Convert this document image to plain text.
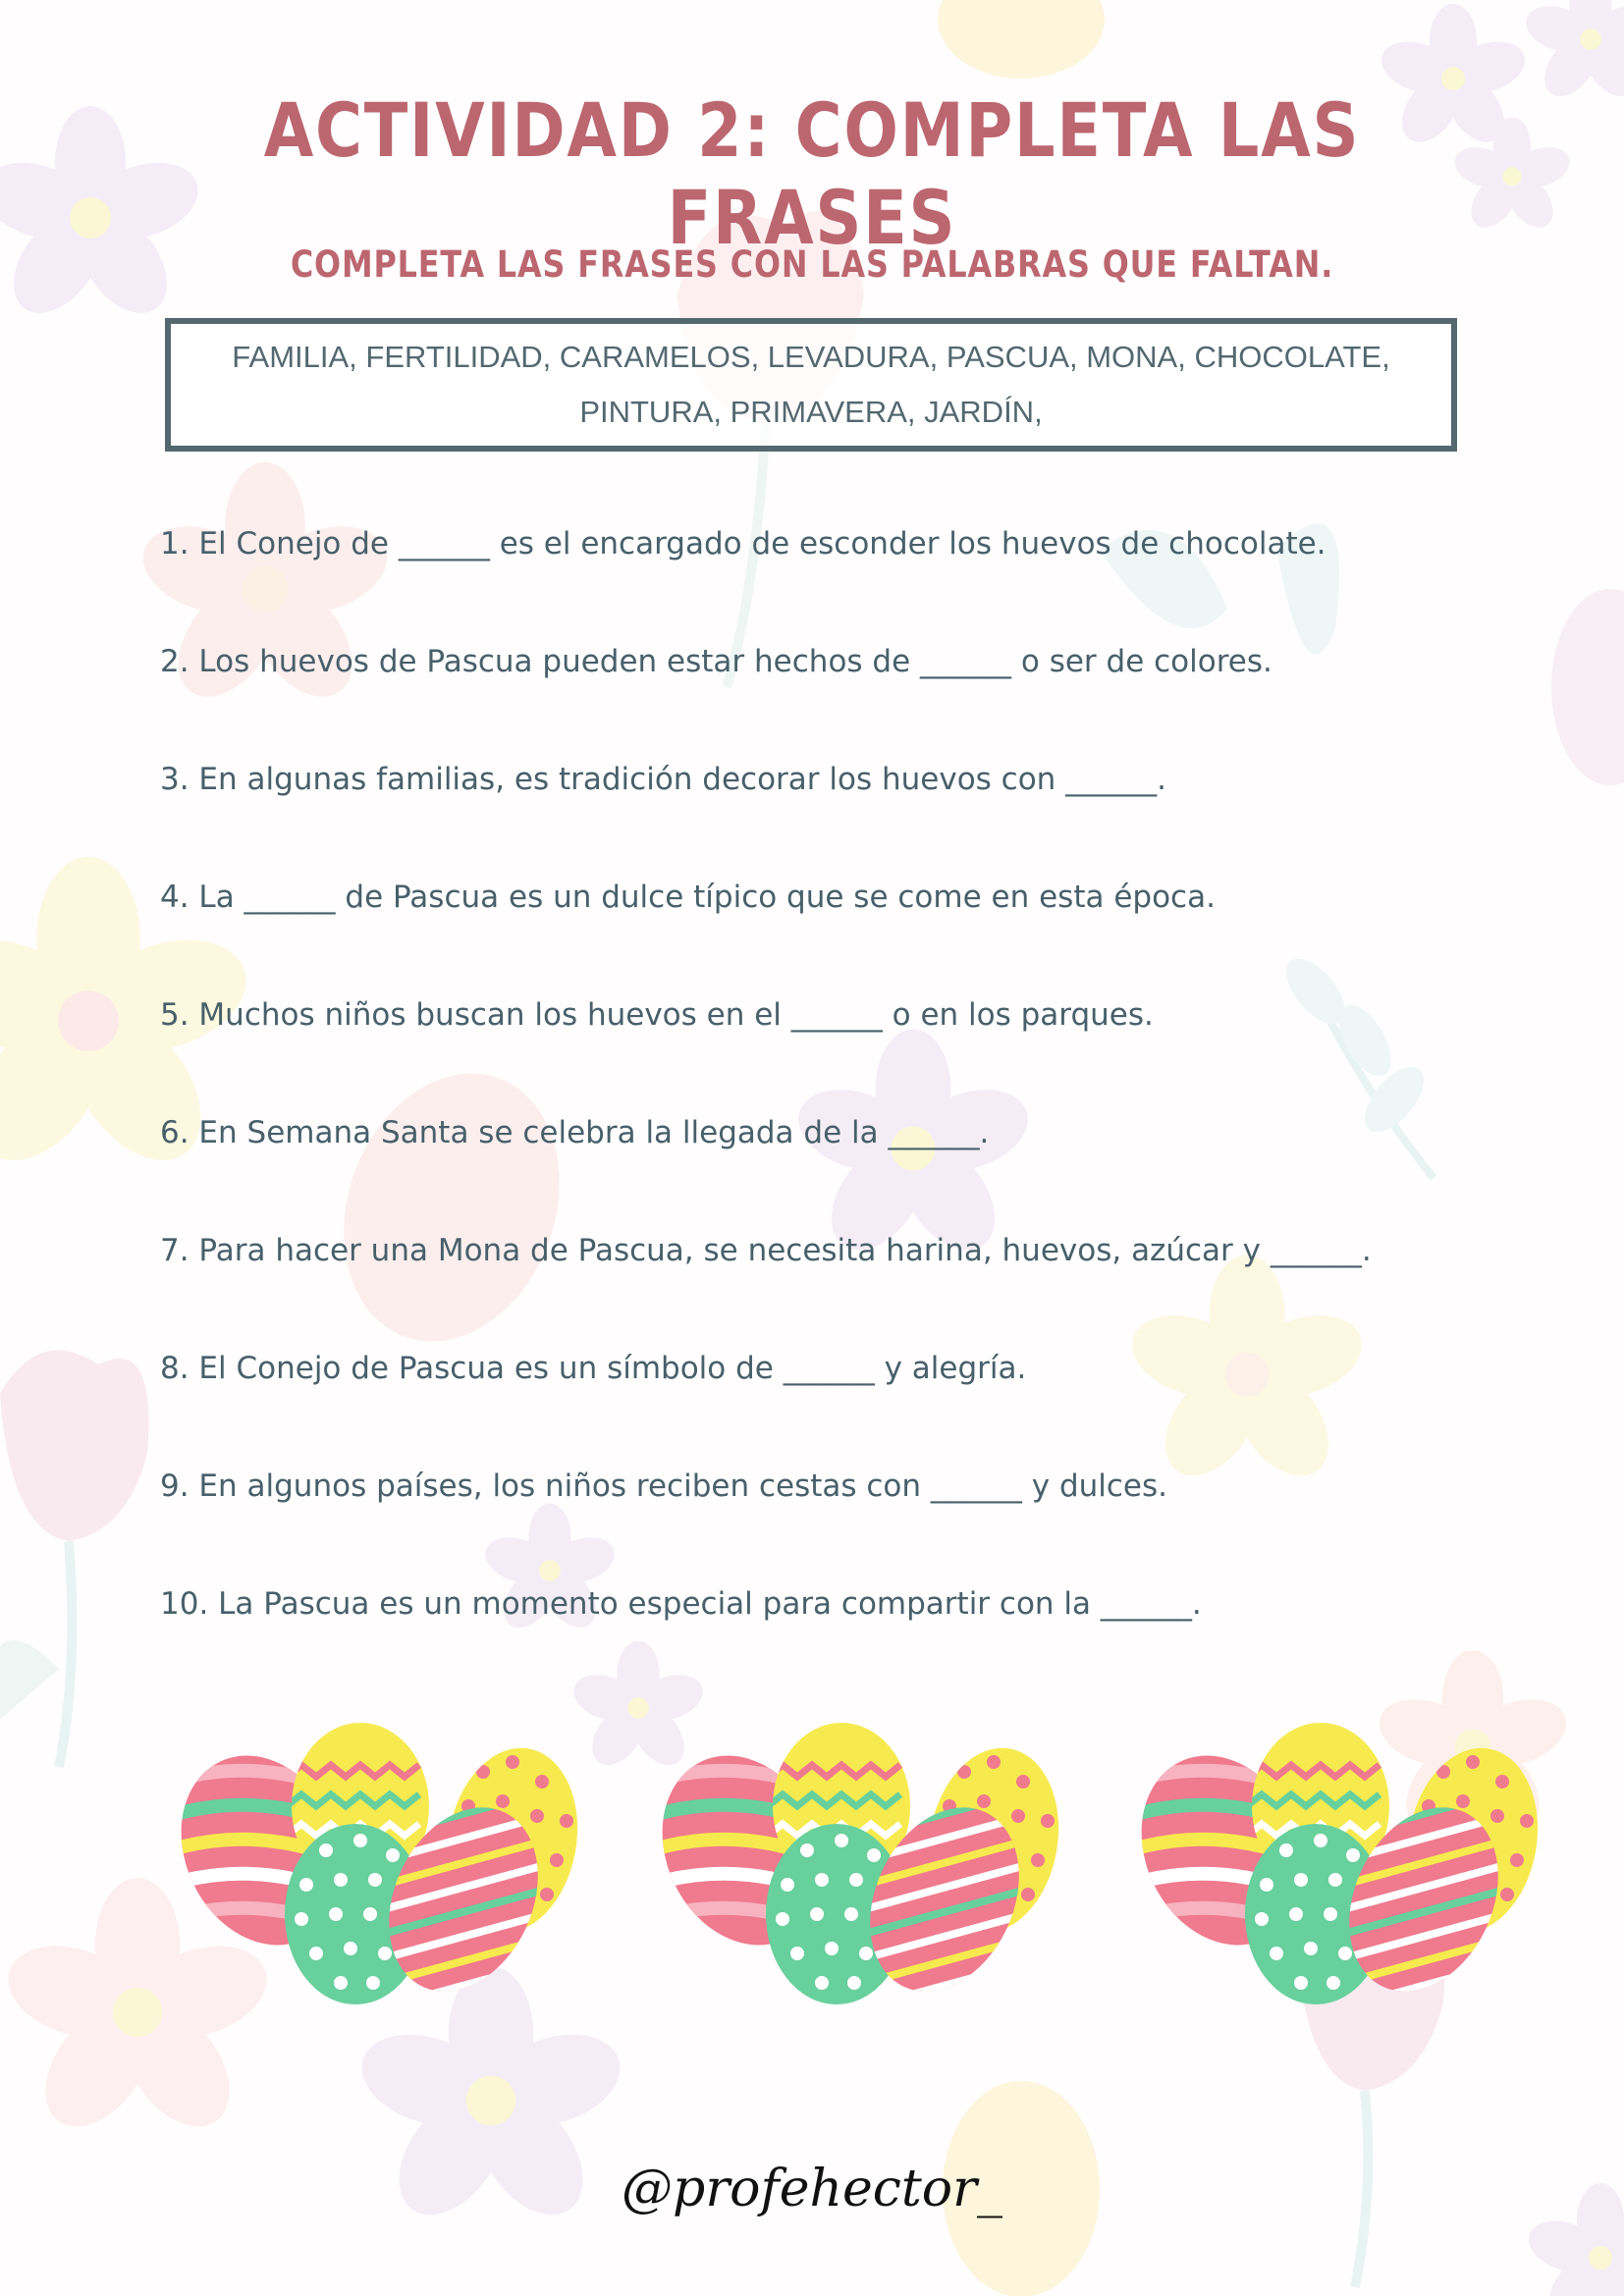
ACTIVIDAD 2: COMPLETA LAS FRASES
COMPLETA LAS FRASES CON LAS PALABRAS QUE FALTAN.
FAMILIA, FERTILIDAD, CARAMELOS, LEVADURA, PASCUA, MONA, CHOCOLATE, PINTURA, PRIMAVERA, JARDÍN,
1. El Conejo de ______ es el encargado de esconder los huevos de chocolate.
2. Los huevos de Pascua pueden estar hechos de ______ o ser de colores.
3. En algunas familias, es tradición decorar los huevos con ______.
4. La ______ de Pascua es un dulce típico que se come en esta época.
5. Muchos niños buscan los huevos en el ______ o en los parques.
6. En Semana Santa se celebra la llegada de la ______.
7. Para hacer una Mona de Pascua, se necesita harina, huevos, azúcar y ______.
8. El Conejo de Pascua es un símbolo de ______ y alegría.
9. En algunos países, los niños reciben cestas con ______ y dulces.
10. La Pascua es un momento especial para compartir con la ______.
@profehector_
